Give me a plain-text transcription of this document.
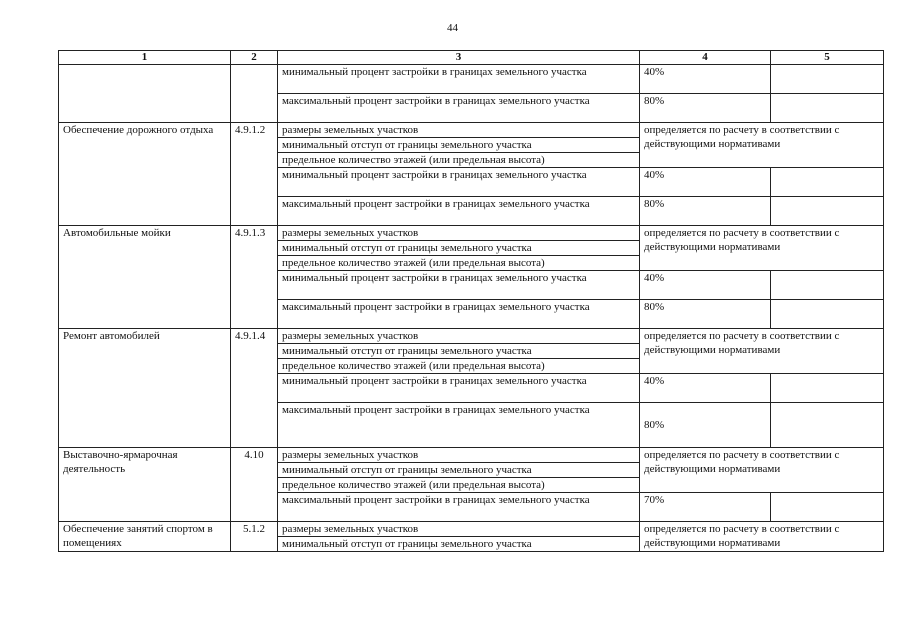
44
1	2	3	4	5
		минимальный процент застройки в границах земельного участка	40%	
		максимальный процент застройки в границах земельного участка	80%	
Обеспечение дорожного отдыха	4.9.1.2	размеры земельных участков	определяется по расчету в соответствии с действующими нормативами	
		минимальный отступ от границы земельного участка		
		предельное количество этажей (или предельная высота)		
		минимальный процент застройки в границах земельного участка	40%	
		максимальный процент застройки в границах земельного участка	80%	
Автомобильные мойки	4.9.1.3	размеры земельных участков	определяется по расчету в соответствии с действующими нормативами	
		минимальный отступ от границы земельного участка		
		предельное количество этажей (или предельная высота)		
		минимальный процент застройки в границах земельного участка	40%	
		максимальный процент застройки в границах земельного участка	80%	
Ремонт автомобилей	4.9.1.4	размеры земельных участков	определяется по расчету в соответствии с действующими нормативами	
		минимальный отступ от границы земельного участка		
		предельное количество этажей (или предельная высота)		
		минимальный процент застройки в границах земельного участка	40%	
		максимальный процент застройки в границах земельного участка	80%	
Выставочно-ярмарочная деятельность	4.10	размеры земельных участков	определяется по расчету в соответствии с действующими нормативами	
		минимальный отступ от границы земельного участка		
		предельное количество этажей (или предельная высота)		
		максимальный процент застройки в границах земельного участка	70%	
Обеспечение занятий спортом в помещениях	5.1.2	размеры земельных участков	определяется по расчету в соответствии с действующими нормативами	
		минимальный отступ от границы земельного участка		
